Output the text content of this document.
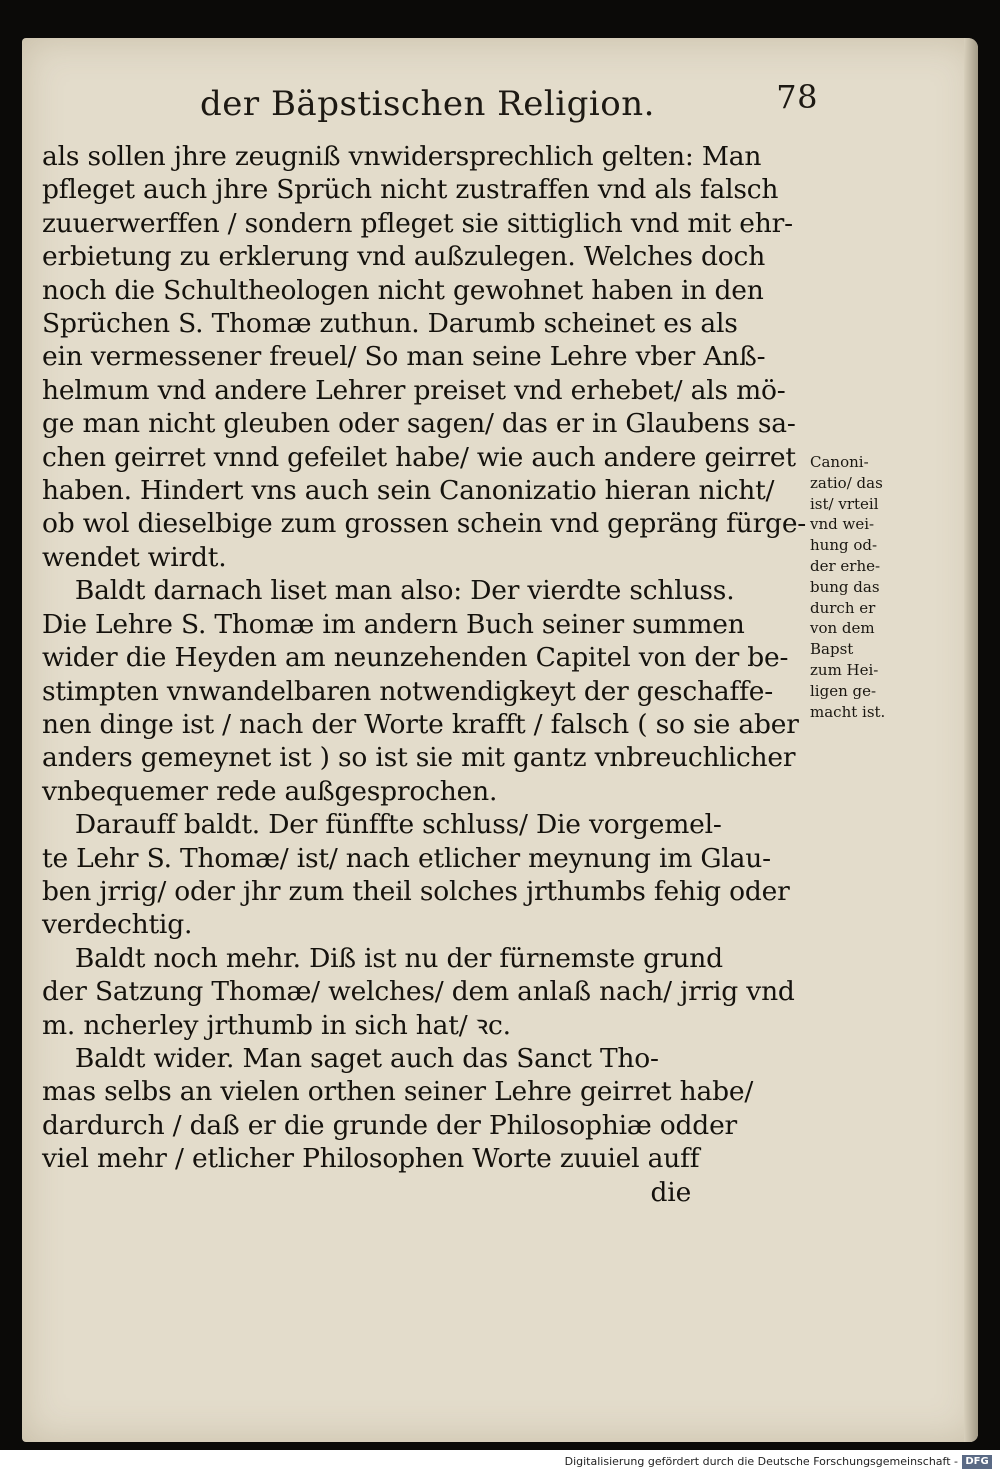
der Bäpstischen Religion.	78

als sollen jhre zeugniß vnwidersprechlich gelten: Man

pfleget auch jhre Sprüch nicht zustraffen vnd als falsch

zuuerwerffen / sondern pfleget sie sittiglich vnd mit ehr-

erbietung zu erklerung vnd außzulegen. Welches doch

noch die Schultheologen nicht gewohnet haben in den

Sprüchen S. Thomæ zuthun. Darumb scheinet es als

ein vermessener freuel/ So man seine Lehre vber Anß-

helmum vnd andere Lehrer preiset vnd erhebet/ als mö-

ge man nicht gleuben oder sagen/ das er in Glaubens sa-

chen geirret vnnd gefeilet habe/ wie auch andere geirret

haben. Hindert vns auch sein Canonizatio hieran nicht/

ob wol dieselbige zum grossen schein vnd gepräng fürge-

wendet wirdt.

Baldt darnach liset man also: Der vierdte schluss.

Die Lehre S. Thomæ im andern Buch seiner summen

wider die Heyden am neunzehenden Capitel von der be-

stimpten vnwandelbaren notwendigkeyt der geschaffe-

nen dinge ist / nach der Worte krafft / falsch ( so sie aber

anders gemeynet ist ) so ist sie mit gantz vnbreuchlicher

vnbequemer rede außgesprochen.

Darauff baldt. Der fünffte schluss/ Die vorgemel-

te Lehr S. Thomæ/ ist/ nach etlicher meynung im Glau-

ben jrrig/ oder jhr zum theil solches jrthumbs fehig oder

verdechtig.

Baldt noch mehr. Diß ist nu der fürnemste grund

der Satzung Thomæ/ welches/ dem anlaß nach/ jrrig vnd

m. ncherley jrthumb in sich hat/ ꝛc.

Baldt wider. Man saget auch das Sanct Tho-

mas selbs an vielen orthen seiner Lehre geirret habe/

dardurch / daß er die grunde der Philosophiæ odder

viel mehr / etlicher Philosophen Worte zuuiel auff

die

Canoni-
zatio/ das
ist/ vrteil
vnd wei-
hung od-
der erhe-
bung das
durch er
von dem
Bapst
zum Hei-
ligen ge-
macht ist.
Digitalisierung gefördert durch die Deutsche Forschungsgemeinschaft - DFG
